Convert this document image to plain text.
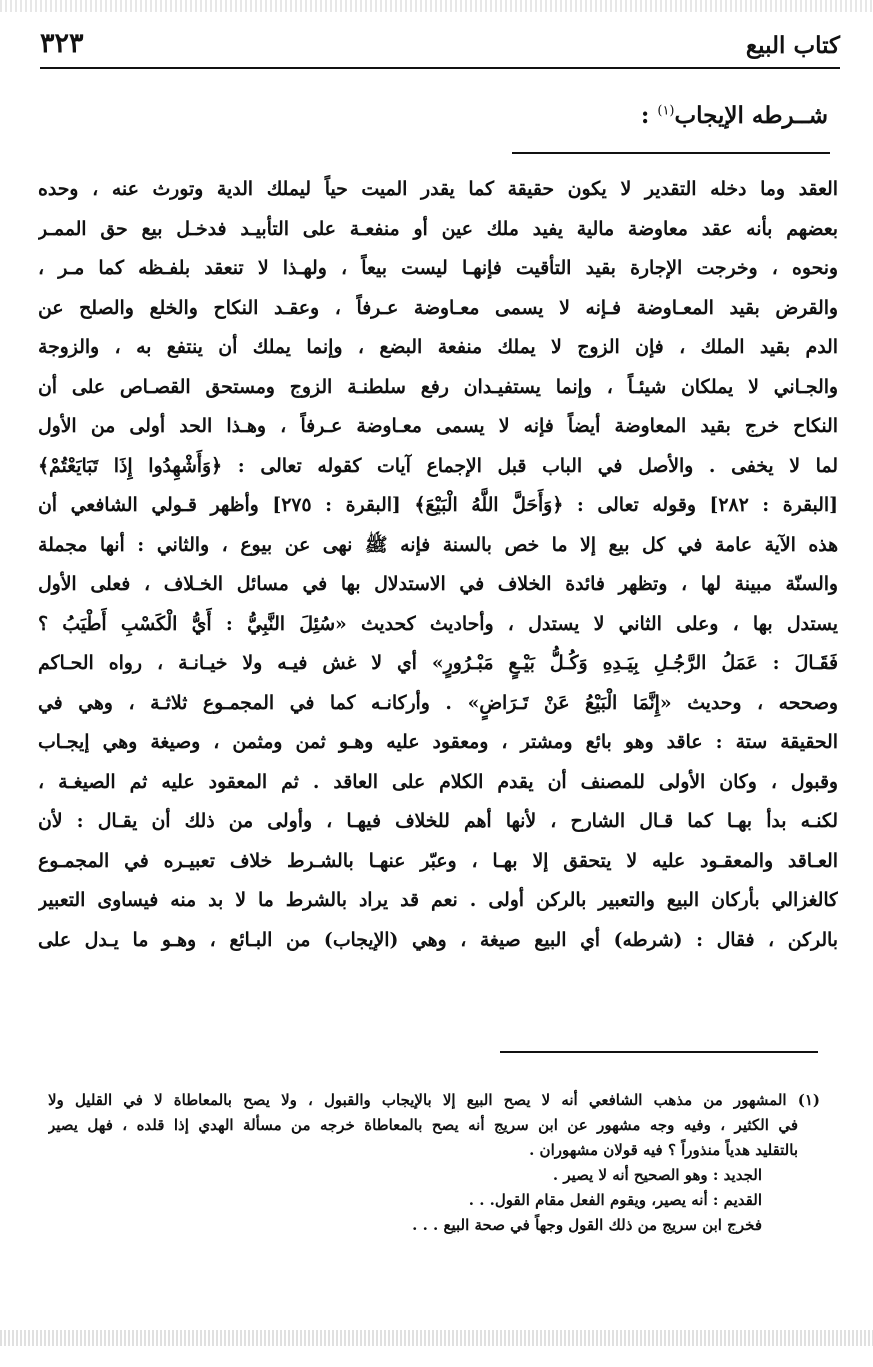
كتاب البيع
٣٢٣
شــرطه الإيجاب$^{(١)}$ :
العقد وما دخله التقدير لا يكون حقيقة كما يقدر الميت حياً ليملك الدية وتورث عنه ، وحده
بعضهم بأنه عقد معاوضة مالية يفيد ملك عين أو منفعـة على التأبيـد فدخـل بيع حق الممـر
ونحوه ، وخرجت الإجارة بقيد التأقيت فإنهـا ليست بيعاً ، ولهـذا لا تنعقد بلفـظه كما مـر ،
والقرض بقيد المعـاوضة فـإنه لا يسمى معـاوضة عـرفاً ، وعقـد النكاح والخلع والصلح عن
الدم بقيد الملك ، فإن الزوج لا يملك منفعة البضع ، وإنما يملك أن ينتفع به ، والزوجة
والجـاني لا يملكان شيئـاً ، وإنما يستفيـدان رفع سلطنـة الزوج ومستحق القصـاص على أن
النكاح خرج بقيد المعاوضة أيضاً فإنه لا يسمى معـاوضة عـرفاً ، وهـذا الحد أولى من الأول
لما لا يخفى . والأصل في الباب قبل الإجماع آيات كقوله تعالى : ﴿وَأَشْهِدُوا إِذَا تَبَايَعْتُمْ﴾
[البقرة : ٢٨٢] وقوله تعالى : ﴿وَأَحَلَّ اللَّهُ الْبَيْعَ﴾ [البقرة : ٢٧٥] وأظهر قـولي الشافعي أن
هذه الآية عامة في كل بيع إلا ما خص بالسنة فإنه ﷺ نهى عن بيوع ، والثاني : أنها مجملة
والسنّة مبينة لها ، وتظهر فائدة الخلاف في الاستدلال بها في مسائل الخـلاف ، فعلى الأول
يستدل بها ، وعلى الثاني لا يستدل ، وأحاديث كحديث «سُئِلَ النَّبِيُّ : أَيُّ الْكَسْبِ أَطْيَبُ ؟
فَقَـالَ : عَمَلُ الرَّجُـلِ بِيَـدِهِ وَكُـلُّ بَيْـعٍ مَبْـرُورٍ» أي لا غش فيـه ولا خيـانـة ، رواه الحـاكم
وصححه ، وحديث «إِنَّمَا الْبَيْعُ عَنْ تَـرَاضٍ» . وأركانـه كما في المجمـوع ثلاثـة ، وهي في
الحقيقة ستة : عاقد وهو بائع ومشتر ، ومعقود عليه وهـو ثمن ومثمن ، وصيغة وهي إيجـاب
وقبول ، وكان الأولى للمصنف أن يقدم الكلام على العاقد . ثم المعقود عليه ثم الصيغـة ،
لكنـه بدأ بهـا كما قـال الشارح ، لأنها أهم للخلاف فيهـا ، وأولى من ذلك أن يقـال : لأن
العـاقد والمعقـود عليه لا يتحقق إلا بهـا ، وعبّر عنهـا بالشـرط خلاف تعبيـره في المجمـوع
كالغزالي بأركان البيع والتعبير بالركن أولى . نعم قد يراد بالشرط ما لا بد منه فيساوى التعبير
بالركن ، فقال : (شرطه) أي البيع صيغة ، وهي (الإيجاب) من البـائع ، وهـو ما يـدل على
(١) المشهور من مذهب الشافعي أنه لا يصح البيع إلا بالإيجاب والقبول ، ولا يصح بالمعاطاة لا في القليل ولا
في الكثير ، وفيه وجه مشهور عن ابن سريج أنه يصح بالمعاطاة خرجه من مسألة الهدي إذا قلده ، فهل يصير
بالتقليد هدياً منذوراً ؟ فيه قولان مشهوران .
الجديد : وهو الصحيح أنه لا يصير .
القديم : أنه يصير، ويقوم الفعل مقام القول. . .
فخرج ابن سريج من ذلك القول وجهاً في صحة البيع . . .
